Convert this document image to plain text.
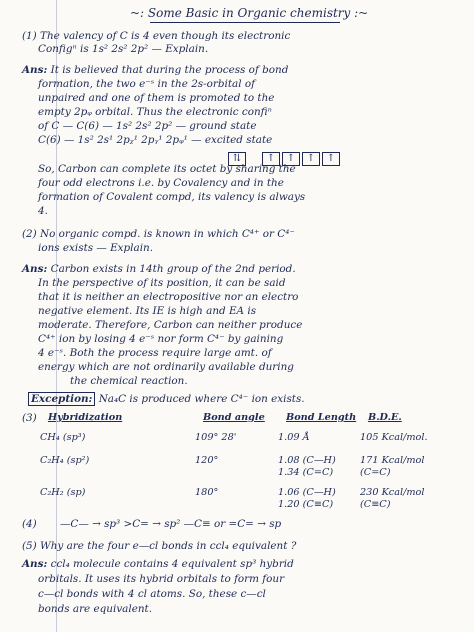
~: Some Basic in Organic chemistry :~
(1) The valency of C is 4 even though its electronic
Configⁿ is 1s² 2s² 2p² — Explain.
Ans: It is believed that during the process of bond
formation, the two e⁻ˢ in the 2s-orbital of
unpaired and one of them is promoted to the
empty 2pᵩ orbital. Thus the electronic confiⁿ
of C — C(6) — 1s² 2s² 2p² — ground state
C(6) — 1s² 2s¹ 2pᵪ¹ 2pᵧ¹ 2pᵩ¹ — excited state
⇅	↑ ↑ ↑ ↑
So, Carbon can complete its octet by sharing the
four odd electrons i.e. by Covalency and in the
formation of Covalent compd, its valency is always
4.
(2) No organic compd. is known in which C⁴⁺ or C⁴⁻
ions exists — Explain.
Ans: Carbon exists in 14th group of the 2nd period.
In the perspective of its position, it can be said
that it is neither an electropositive nor an electro
negative element. Its IE is high and EA is
moderate. Therefore, Carbon can neither produce
C⁴⁺ ion by losing 4 e⁻ˢ nor form C⁴⁻ by gaining
4 e⁻ˢ. Both the process require large amt. of
energy which are not ordinarily available during
the chemical reaction.
Exception: Na₄C is produced where C⁴⁻ ion exists.
(3)	Hybridization	Bond angle	Bond Length	B.D.E.
CH₄ (sp³)	109° 28'	1.09 Å	105 Kcal/mol.
C₂H₄ (sp²)	120°	1.08 (C—H)	171 Kcal/mol
1.34 (C=C)	(C=C)
C₂H₂ (sp)	180°	1.06 (C—H)	230 Kcal/mol
1.20 (C≡C)	(C≡C)
(4) —C— → sp³ >C= → sp² —C≡ or =C= → sp
(5) Why are the four e—cl bonds in ccl₄ equivalent ?
Ans: ccl₄ molecule contains 4 equivalent sp³ hybrid
orbitals. It uses its hybrid orbitals to form four
c—cl bonds with 4 cl atoms. So, these c—cl
bonds are equivalent.
